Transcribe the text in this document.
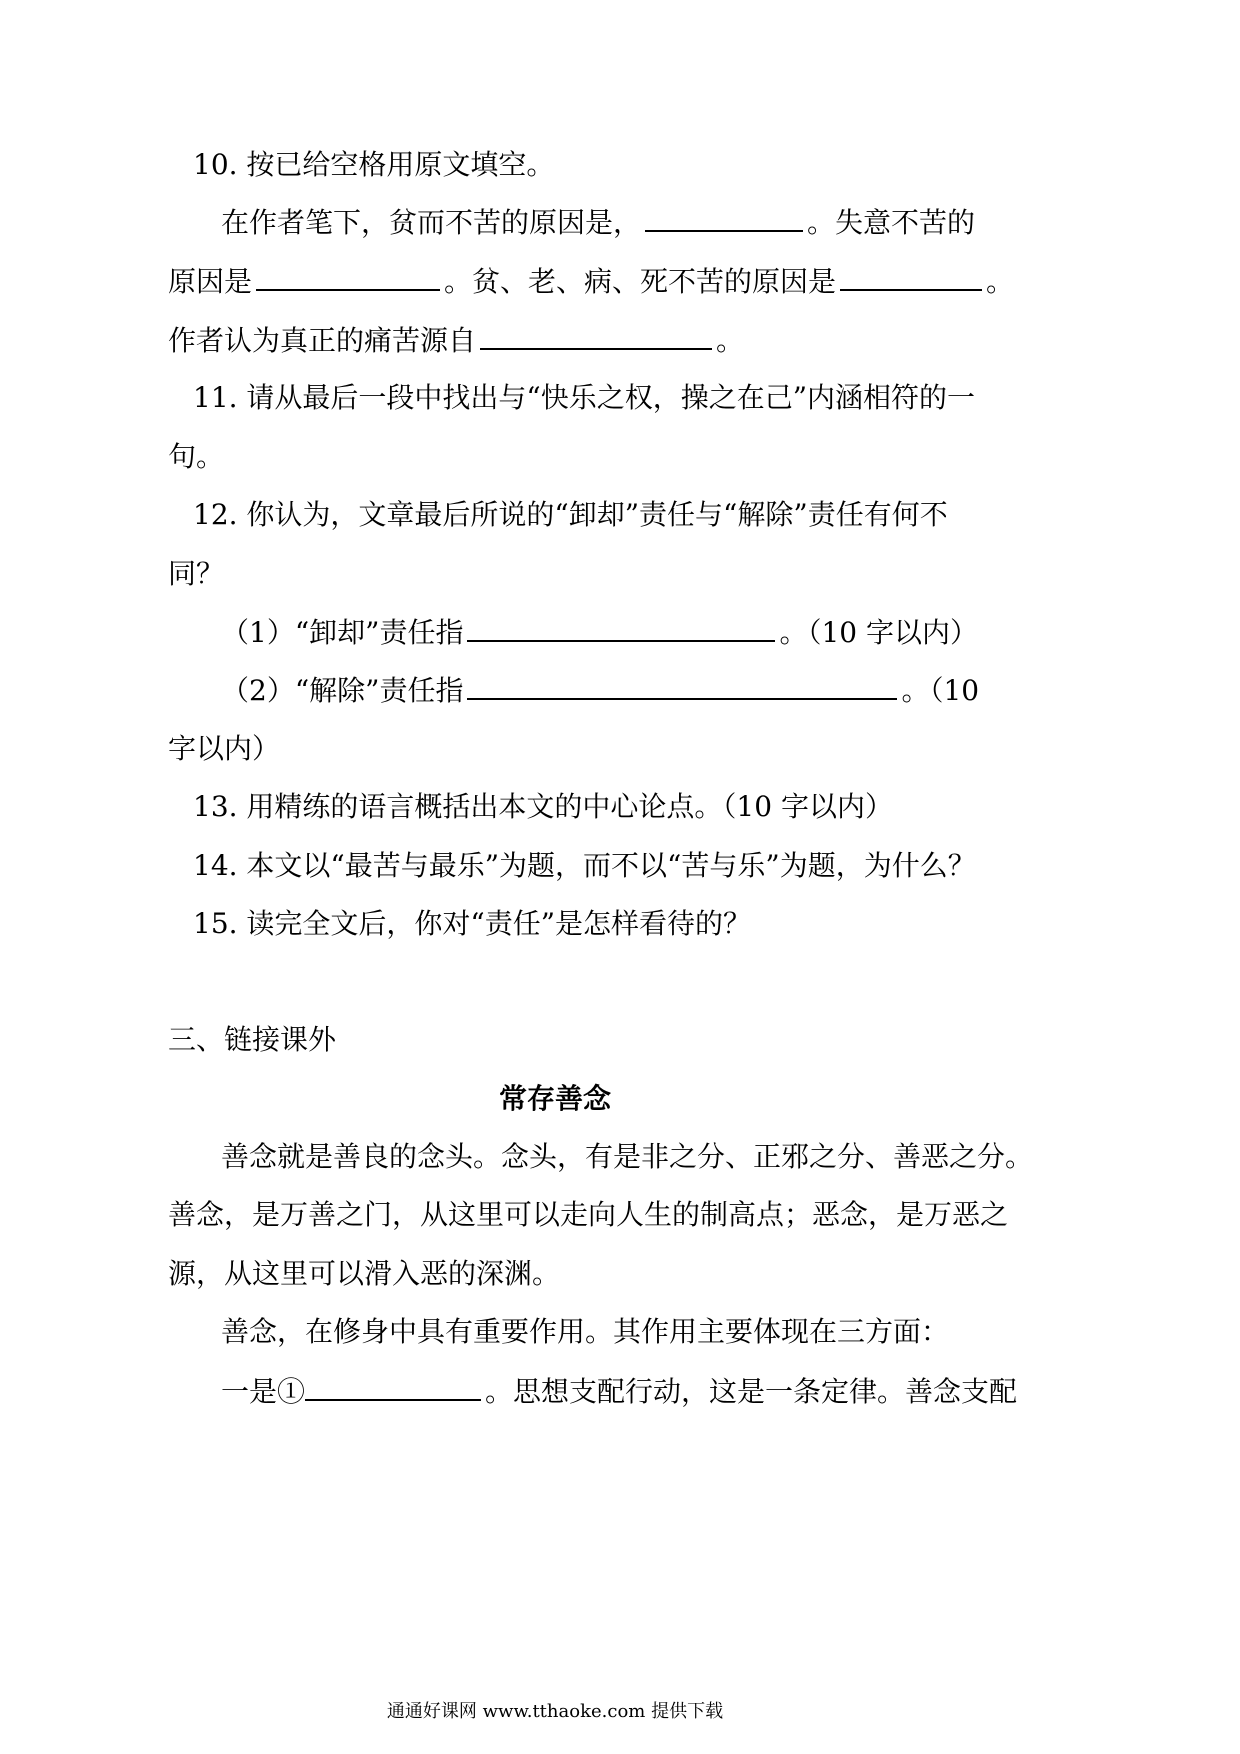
10. 按已给空格用原文填空。
在作者笔下，贫而不苦的原因是，	。失意不苦的
原因是	。贫、老、病、死不苦的原因是	。
作者认为真正的痛苦源自	。
11. 请从最后一段中找出与“快乐之权，操之在己”内涵相符的一
句。
12. 你认为，文章最后所说的“卸却”责任与“解除”责任有何不
同？
（1）“卸却”责任指	。（10 字以内）
（2）“解除”责任指	。（10
字以内）
13. 用精练的语言概括出本文的中心论点。（10 字以内）
14. 本文以“最苦与最乐”为题，而不以“苦与乐”为题，为什么？
15. 读完全文后，你对“责任”是怎样看待的？
三、链接课外
常存善念
善念就是善良的念头。念头，有是非之分、正邪之分、善恶之分。
善念，是万善之门，从这里可以走向人生的制高点；恶念，是万恶之
源，从这里可以滑入恶的深渊。
善念，在修身中具有重要作用。其作用主要体现在三方面：
一是①	。思想支配行动，这是一条定律。善念支配
通通好课网 www.tthaoke.com 提供下载
